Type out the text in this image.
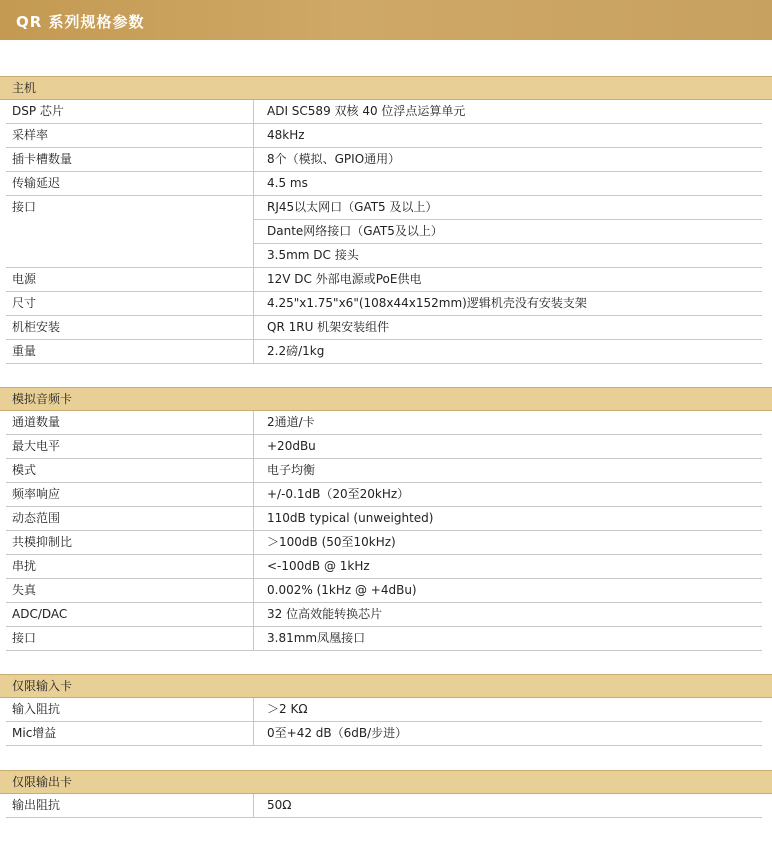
QR 系列规格参数
主机
DSP 芯片	ADI SC589 双核 40 位浮点运算单元
采样率	48kHz
插卡槽数量	8个（模拟、GPIO通用）
传输延迟	4.5 ms
接口	RJ45以太网口（GAT5 及以上）
Dante网络接口（GAT5及以上）
3.5mm DC 接头
电源	12V DC 外部电源或PoE供电
尺寸	4.25"x1.75"x6"(108x44x152mm)逻辑机壳没有安装支架
机柜安装	QR 1RU 机架安装组件
重量	2.2磅/1kg
模拟音频卡
通道数量	2通道/卡
最大电平	+20dBu
模式	电子均衡
频率响应	+/-0.1dB（20至20kHz）
动态范围	110dB typical (unweighted)
共模抑制比	＞100dB (50至10kHz)
串扰	<-100dB @ 1kHz
失真	0.002% (1kHz @ +4dBu)
ADC/DAC	32 位高效能转换芯片
接口	3.81mm凤凰接口
仅限输入卡
输入阻抗	＞2 KΩ
Mic增益	0至+42 dB（6dB/步进）
仅限输出卡
输出阻抗	50Ω
